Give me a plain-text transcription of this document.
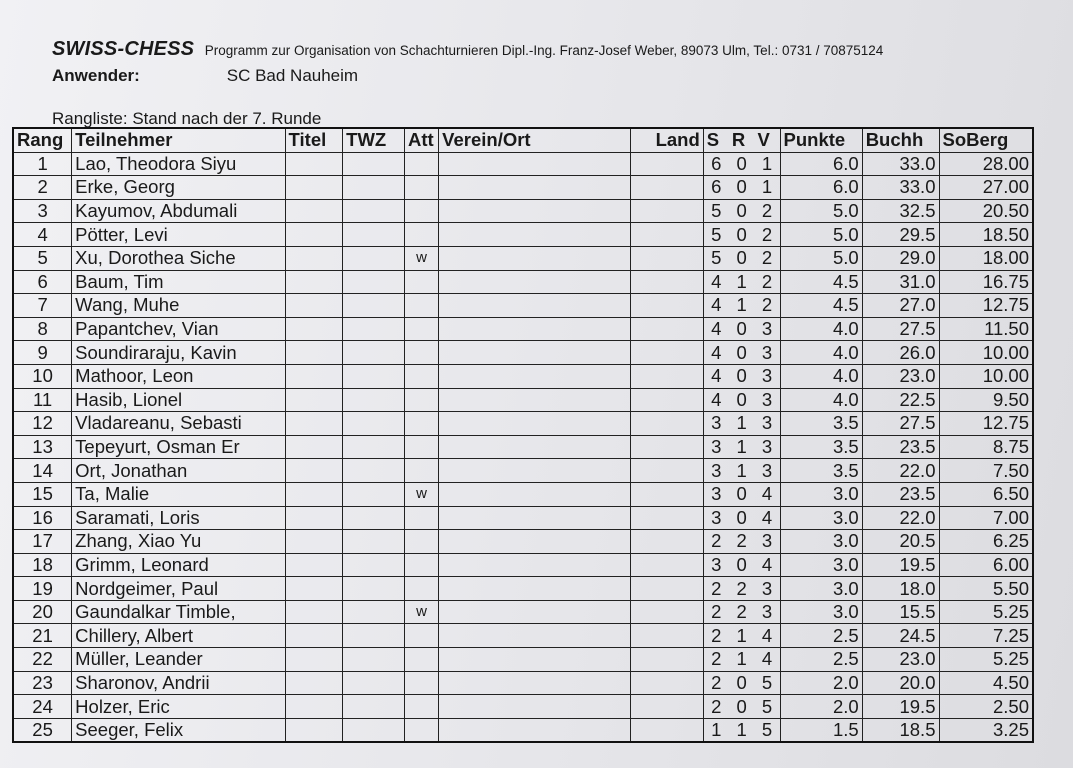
SWISS-CHESS Programm zur Organisation von Schachturnieren Dipl.-Ing. Franz-Josef Weber, 89073 Ulm, Tel.: 0731 / 70875124
Anwender:	SC Bad Nauheim
Rangliste: Stand nach der 7. Runde
Rang	Teilnehmer	Titel	TWZ	Att	Verein/Ort	Land	S	R	V	Punkte	Buchh	SoBerg
1	Lao, Theodora Siyu						6	0	1	6.0	33.0	28.00
2	Erke, Georg						6	0	1	6.0	33.0	27.00
3	Kayumov, Abdumali						5	0	2	5.0	32.5	20.50
4	Pötter, Levi						5	0	2	5.0	29.5	18.50
5	Xu, Dorothea Siche			w			5	0	2	5.0	29.0	18.00
6	Baum, Tim						4	1	2	4.5	31.0	16.75
7	Wang, Muhe						4	1	2	4.5	27.0	12.75
8	Papantchev, Vian						4	0	3	4.0	27.5	11.50
9	Soundiraraju, Kavin						4	0	3	4.0	26.0	10.00
10	Mathoor, Leon						4	0	3	4.0	23.0	10.00
11	Hasib, Lionel						4	0	3	4.0	22.5	9.50
12	Vladareanu, Sebasti						3	1	3	3.5	27.5	12.75
13	Tepeyurt, Osman Er						3	1	3	3.5	23.5	8.75
14	Ort, Jonathan						3	1	3	3.5	22.0	7.50
15	Ta, Malie			w			3	0	4	3.0	23.5	6.50
16	Saramati, Loris						3	0	4	3.0	22.0	7.00
17	Zhang, Xiao Yu						2	2	3	3.0	20.5	6.25
18	Grimm, Leonard						3	0	4	3.0	19.5	6.00
19	Nordgeimer, Paul						2	2	3	3.0	18.0	5.50
20	Gaundalkar Timble,			w			2	2	3	3.0	15.5	5.25
21	Chillery, Albert						2	1	4	2.5	24.5	7.25
22	Müller, Leander						2	1	4	2.5	23.0	5.25
23	Sharonov, Andrii						2	0	5	2.0	20.0	4.50
24	Holzer, Eric						2	0	5	2.0	19.5	2.50
25	Seeger, Felix						1	1	5	1.5	18.5	3.25
